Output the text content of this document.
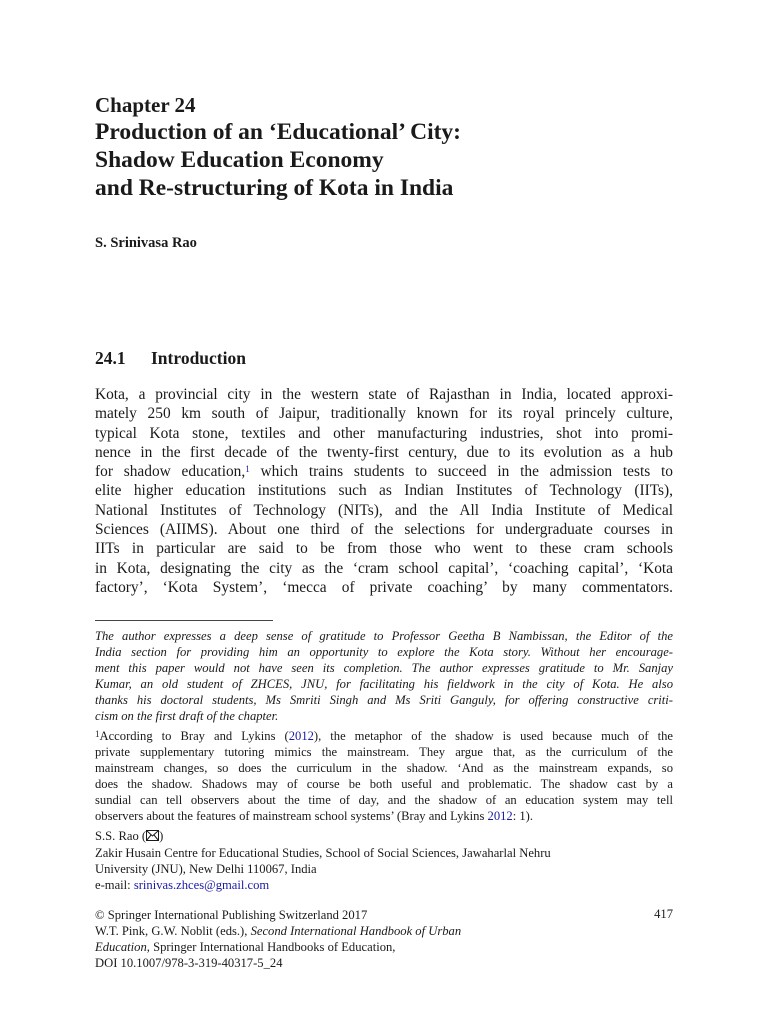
Chapter 24
Production of an ‘Educational’ City:
Shadow Education Economy
and Re-structuring of Kota in India
S. Srinivasa Rao
24.1 Introduction
Kota, a provincial city in the western state of Rajasthan in India, located approxi-
mately 250 km south of Jaipur, traditionally known for its royal princely culture,
typical Kota stone, textiles and other manufacturing industries, shot into promi-
nence in the first decade of the twenty-first century, due to its evolution as a hub
for shadow education,$^1$ which trains students to succeed in the admission tests to
elite higher education institutions such as Indian Institutes of Technology (IITs),
National Institutes of Technology (NITs), and the All India Institute of Medical
Sciences (AIIMS). About one third of the selections for undergraduate courses in
IITs in particular are said to be from those who went to these cram schools
in Kota, designating the city as the ‘cram school capital’, ‘coaching capital’, ‘Kota
factory’, ‘Kota System’, ‘mecca of private coaching’ by many commentators.
The author expresses a deep sense of gratitude to Professor Geetha B Nambissan, the Editor of the
India section for providing him an opportunity to explore the Kota story. Without her encourage-
ment this paper would not have seen its completion. The author expresses gratitude to Mr. Sanjay
Kumar, an old student of ZHCES, JNU, for facilitating his fieldwork in the city of Kota. He also
thanks his doctoral students, Ms Smriti Singh and Ms Sriti Ganguly, for offering constructive criti-
cism on the first draft of the chapter.
$^1$According to Bray and Lykins (2012), the metaphor of the shadow is used because much of the
private supplementary tutoring mimics the mainstream. They argue that, as the curriculum of the
mainstream changes, so does the curriculum in the shadow. ‘And as the mainstream expands, so
does the shadow. Shadows may of course be both useful and problematic. The shadow cast by a
sundial can tell observers about the time of day, and the shadow of an education system may tell
observers about the features of mainstream school systems’ (Bray and Lykins 2012: 1).
S.S. Rao ( )
Zakir Husain Centre for Educational Studies, School of Social Sciences, Jawaharlal Nehru
University (JNU), New Delhi 110067, India
e-mail: srinivas.zhces@gmail.com
© Springer International Publishing Switzerland 2017
W.T. Pink, G.W. Noblit (eds.), Second International Handbook of Urban
Education, Springer International Handbooks of Education,
DOI 10.1007/978-3-319-40317-5_24
417
